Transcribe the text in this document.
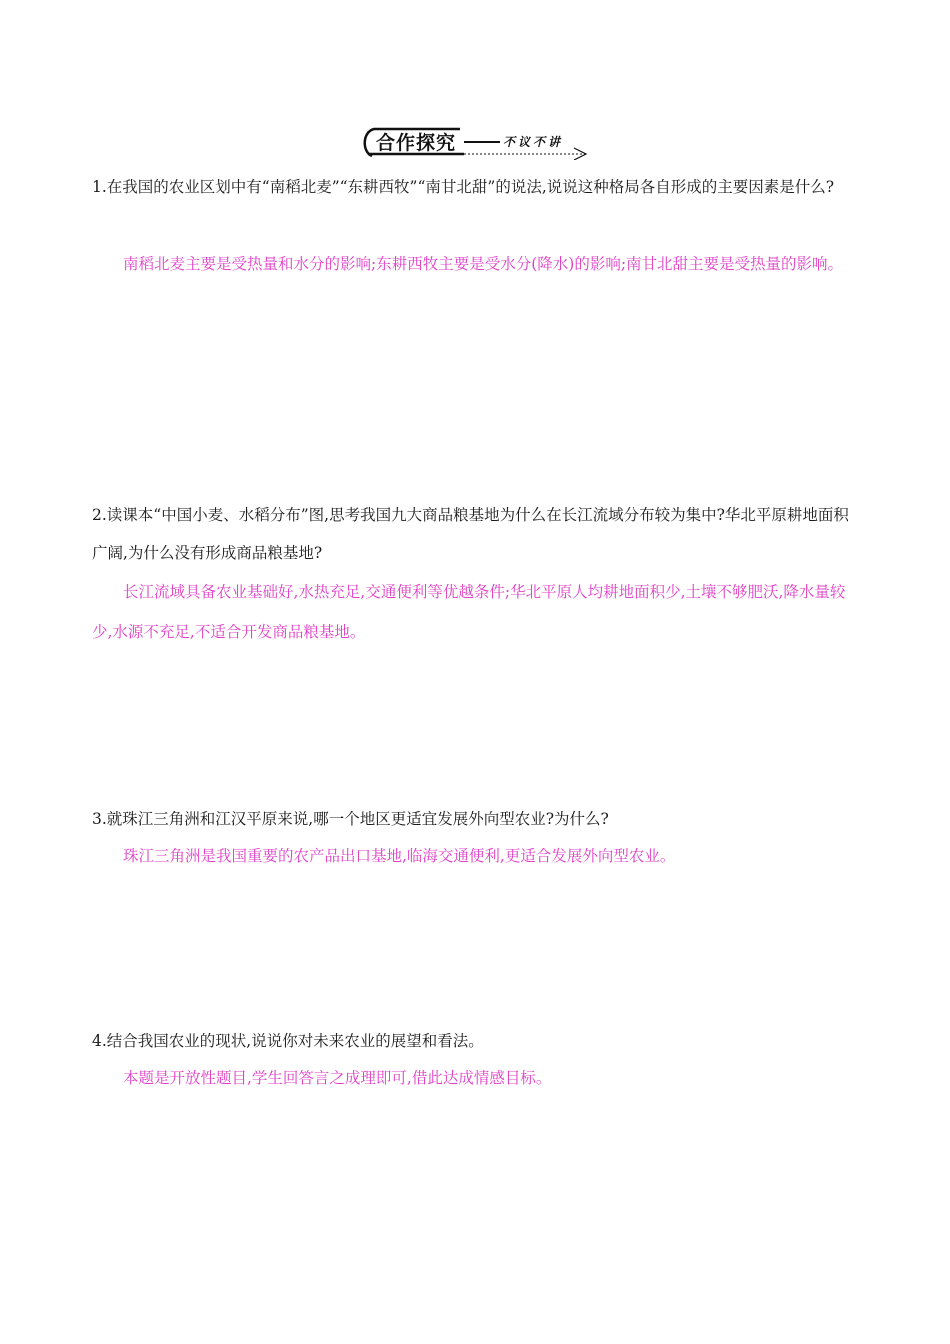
合作探究	不议不讲
1.在我国的农业区划中有“南稻北麦”“东耕西牧”“南甘北甜”的说法,说说这种格局各自形成的主要因素是什么?
南稻北麦主要是受热量和水分的影响;东耕西牧主要是受水分(降水)的影响;南甘北甜主要是受热量的影响。
2.读课本“中国小麦、水稻分布”图,思考我国九大商品粮基地为什么在长江流域分布较为集中?华北平原耕地面积广阔,为什么没有形成商品粮基地?
长江流域具备农业基础好,水热充足,交通便利等优越条件;华北平原人均耕地面积少,土壤不够肥沃,降水量较少,水源不充足,不适合开发商品粮基地。
3.就珠江三角洲和江汉平原来说,哪一个地区更适宜发展外向型农业?为什么?
珠江三角洲是我国重要的农产品出口基地,临海交通便利,更适合发展外向型农业。
4.结合我国农业的现状,说说你对未来农业的展望和看法。
本题是开放性题目,学生回答言之成理即可,借此达成情感目标。
